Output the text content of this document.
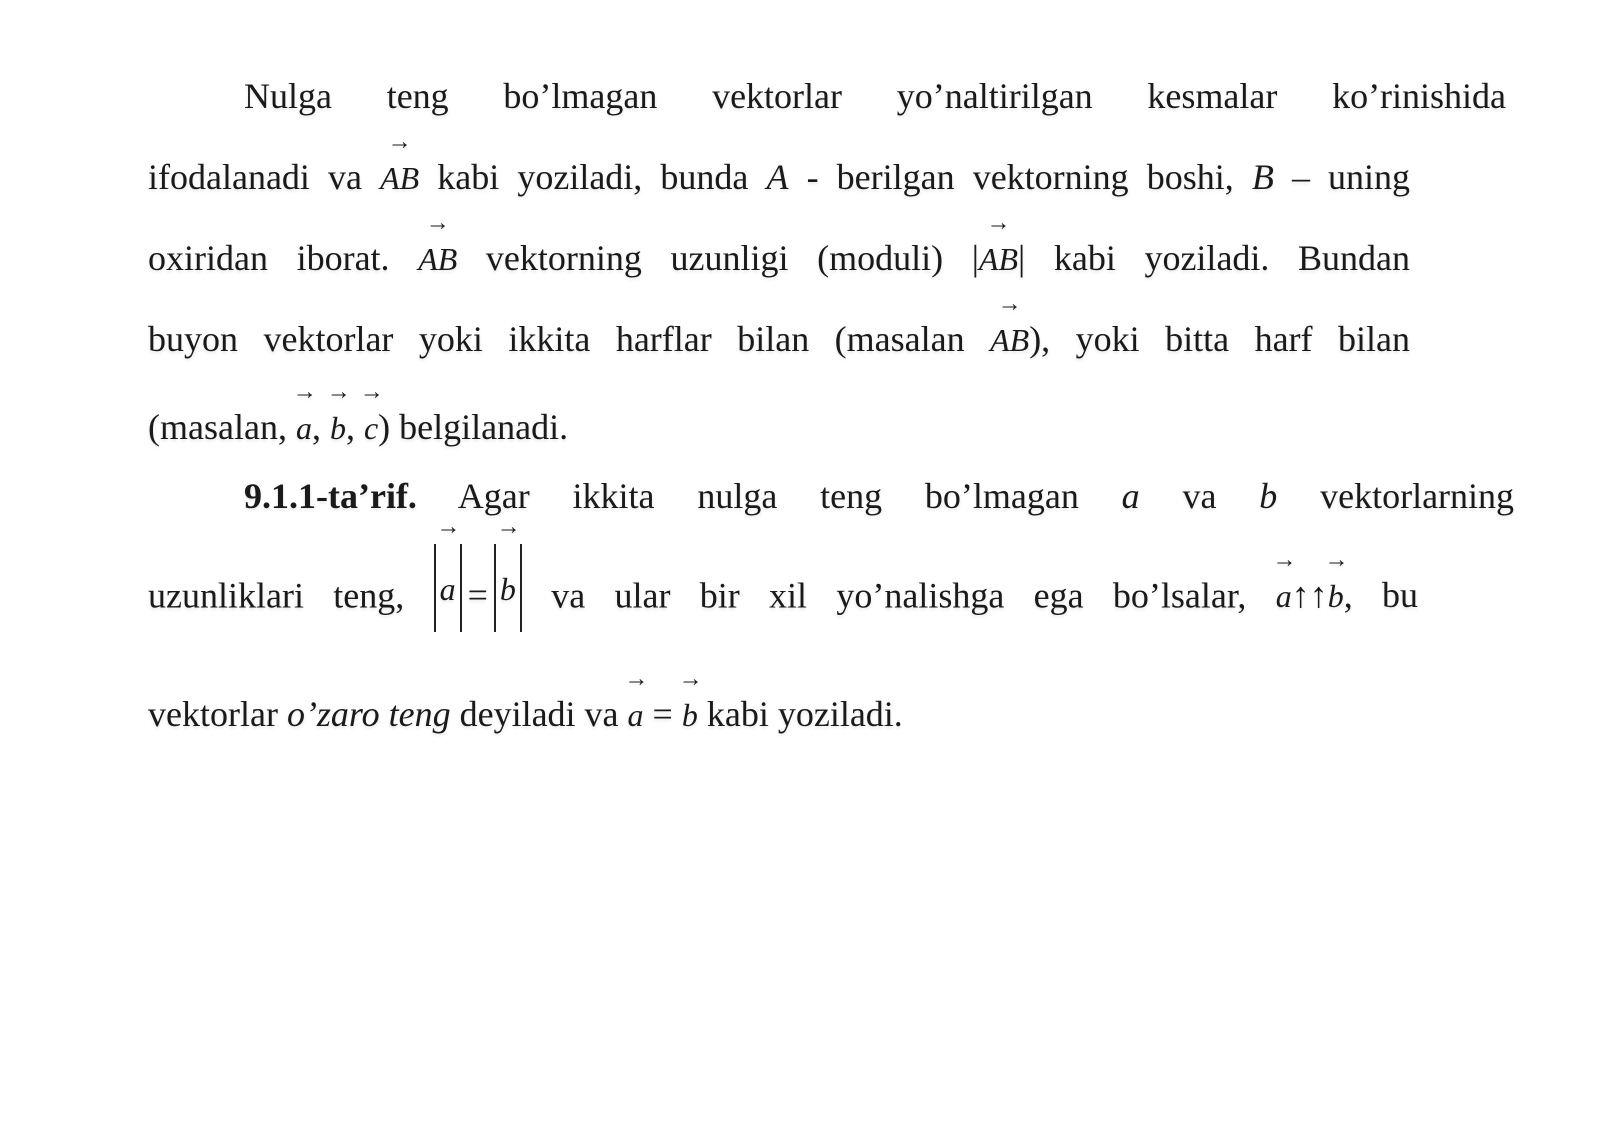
Nulga teng bo’lmagan vektorlar yo’naltirilgan kesmalar ko’rinishida
ifodalanadi va → AB kabi yoziladi, bunda A - berilgan vektorning boshi, B – uning
oxiridan iborat. → AB vektorning uzunligi (moduli) |→ AB| kabi yoziladi. Bundan
buyon vektorlar yoki ikkita harflar bilan (masalan → AB), yoki bitta harf bilan
(masalan, → a, → b, → c) belgilanadi.
9.1.1-ta’rif. Agar ikkita nulga teng bo’lmagan a va b vektorlarning
uzunliklari teng, → a = → b va ular bir xil yo’nalishga ega bo’lsalar, → a↑↑→ b, bu
vektorlar o’zaro teng deyiladi va → a = → b kabi yoziladi.
